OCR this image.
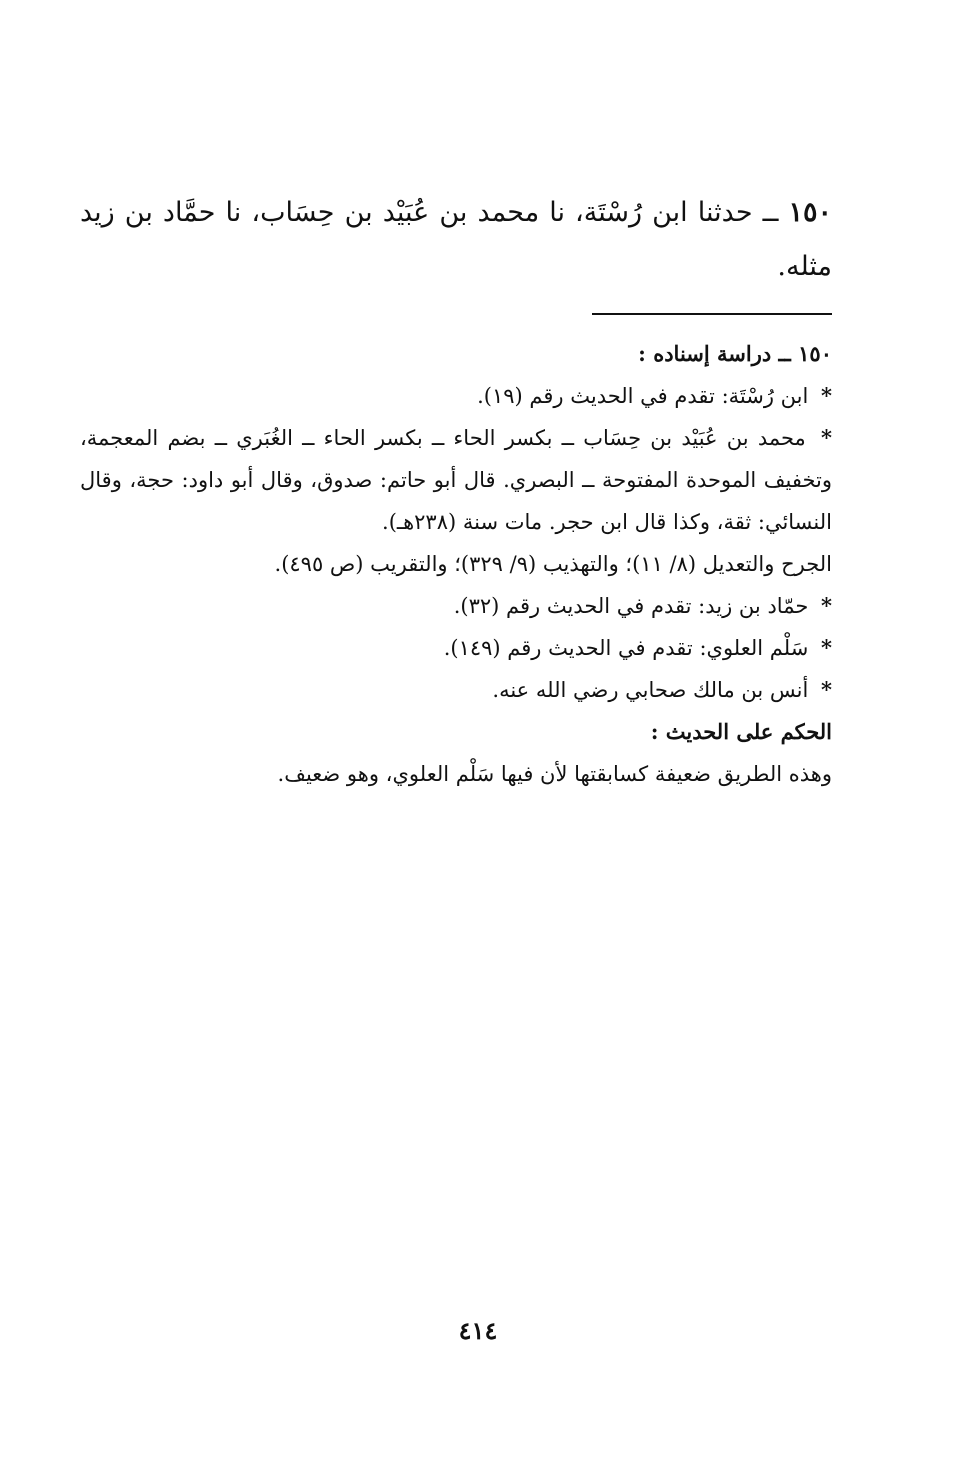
١٥٠ ــ حدثنا ابن رُسْتَة، نا محمد بن عُبَيْد بن حِسَاب، نا حمَّاد بن زيد مثله.

١٥٠ ــ دراسة إسناده :

* ابن رُسْتَة: تقدم في الحديث رقم (١٩).

* محمد بن عُبَيْد بن حِسَاب ــ بكسر الحاء ــ بكسر الحاء ــ الغُبَري ــ بضم المعجمة، وتخفيف الموحدة المفتوحة ــ البصري. قال أبو حاتم: صدوق، وقال أبو داود: حجة، وقال النسائي: ثقة، وكذا قال ابن حجر. مات سنة (٢٣٨هـ).

الجرح والتعديل (٨/ ١١)؛ والتهذيب (٩/ ٣٢٩)؛ والتقريب (ص ٤٩٥).

* حمّاد بن زيد: تقدم في الحديث رقم (٣٢).

* سَلْم العلوي: تقدم في الحديث رقم (١٤٩).

* أنس بن مالك صحابي رضي الله عنه.

الحكم على الحديث :

وهذه الطريق ضعيفة كسابقتها لأن فيها سَلْم العلوي، وهو ضعيف.

٤١٤
